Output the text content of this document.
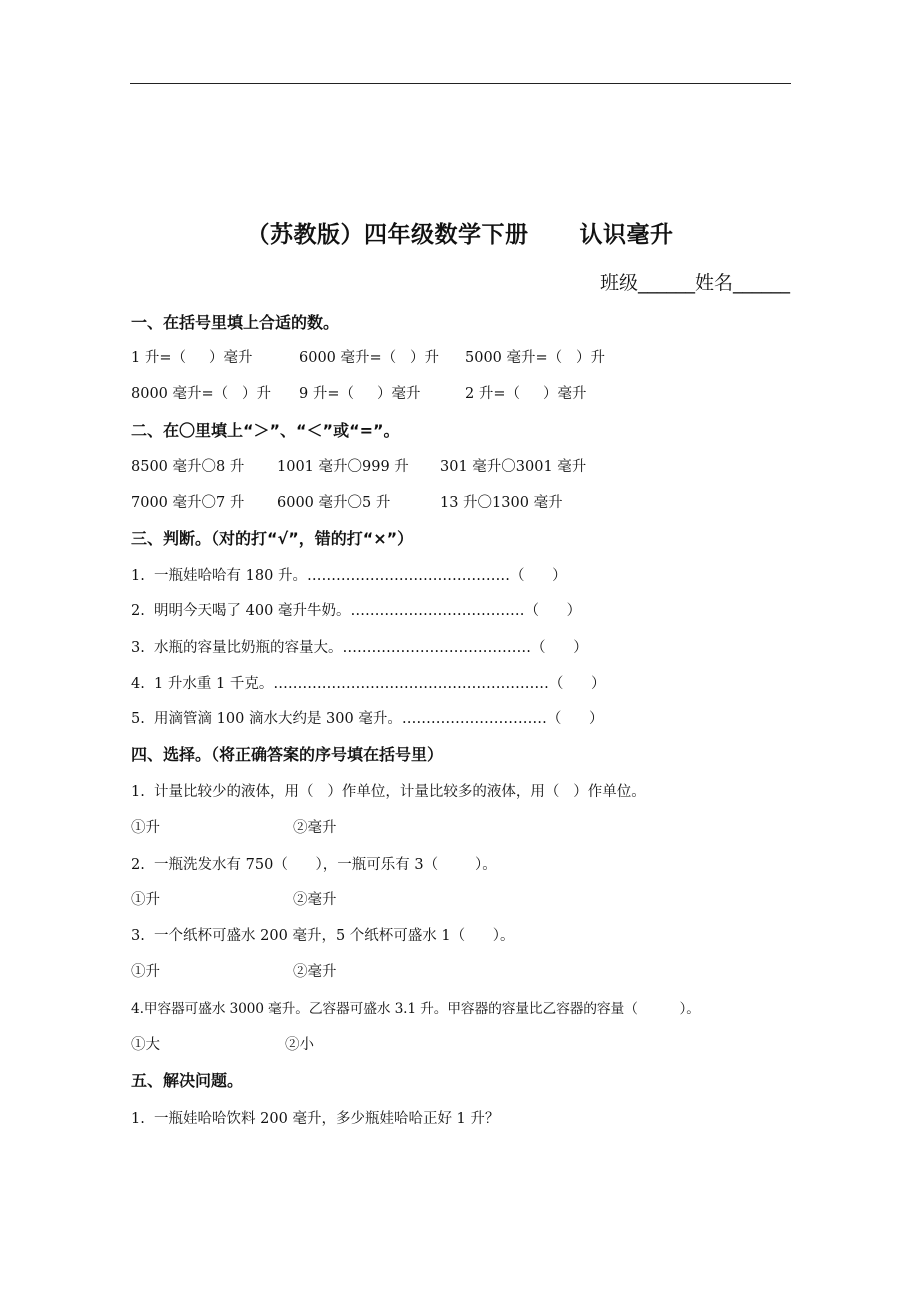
（苏教版）四年级数学下册      认识毫升
班级______姓名______
一、在括号里填上合适的数。
1 升=（     ）毫升	6000 毫升=（   ）升 5000 毫升=（   ）升
8000 毫升=（   ）升 9 升=（     ）毫升	2 升=（     ）毫升
二、在〇里填上“＞”、“＜”或“=”。
8500 毫升〇8 升 1001 毫升〇999 升 301 毫升〇3001 毫升
7000 毫升〇7 升 6000 毫升〇5 升	13 升〇1300 毫升
三、判断。（对的打“√”，错的打“×”）
1.  一瓶娃哈哈有 180 升。……………………………………（      ）
2.  明明今天喝了 400 毫升牛奶。………………………………（      ）
3.  水瓶的容量比奶瓶的容量大。…………………………………（      ）
4.  1 升水重 1 千克。…………………………………………………（      ）
5.  用滴管滴 100 滴水大约是 300 毫升。…………………………（      ）
四、选择。（将正确答案的序号填在括号里）
1.  计量比较少的液体，用（   ）作单位，计量比较多的液体，用（   ）作单位。
①升	②毫升
2.  一瓶洗发水有 750（      ），一瓶可乐有 3（        ）。
①升	②毫升
3.  一个纸杯可盛水 200 毫升，5 个纸杯可盛水 1（      ）。
①升	②毫升
4.甲容器可盛水 3000 毫升。乙容器可盛水 3.1 升。甲容器的容量比乙容器的容量（          ）。
①大	②小
五、解决问题。
1.  一瓶娃哈哈饮料 200 毫升，多少瓶娃哈哈正好 1 升？
